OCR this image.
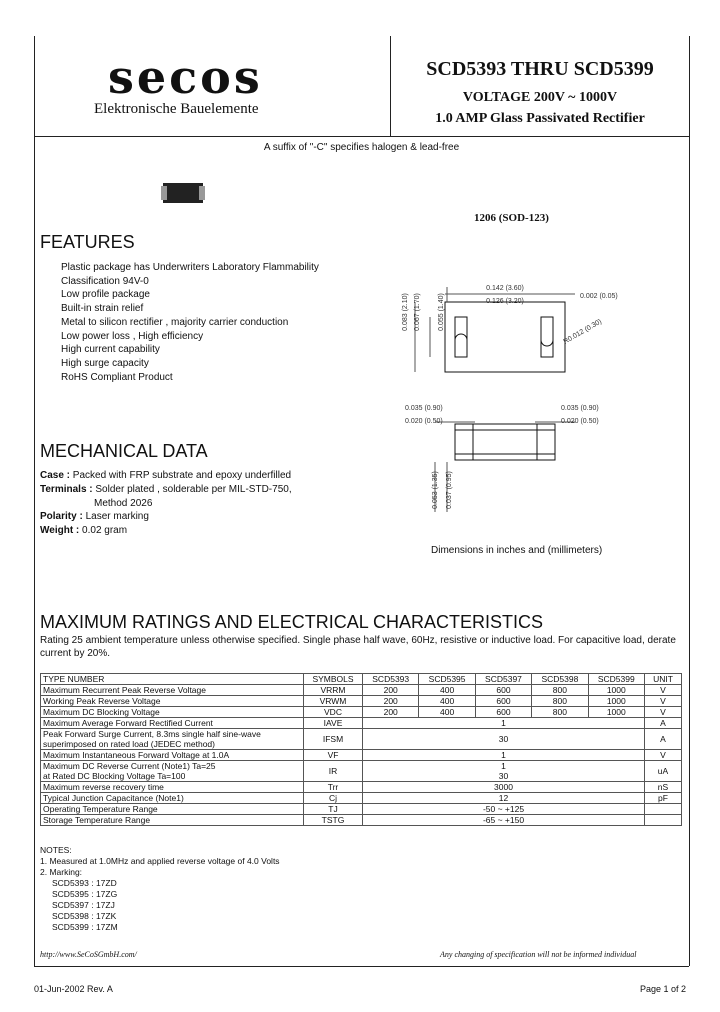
secos
Elektronische Bauelemente
SCD5393 THRU SCD5399
VOLTAGE 200V ~ 1000V
1.0 AMP Glass Passivated Rectifier
A suffix of "-C" specifies halogen & lead-free
1206 (SOD-123)
FEATURES
Plastic package has Underwriters Laboratory Flammability
Classification 94V-0
Low profile package
Built-in strain relief
Metal to silicon rectifier , majority carrier conduction
Low power loss , High efficiency
High current capability
High surge capacity
RoHS Compliant Product
0.083 (2.10) 0.067 (1.70) 0.055 (1.40)
0.142 (3.60)
0.126 (3.20)
0.002 (0.05)
R0.012 (0.30)
0.035 (0.90)
0.020 (0.50)
0.035 (0.90)
0.020 (0.50)
0.053 (1.35) 0.037 (0.95)
Dimensions in inches and (millimeters)
MECHANICAL DATA
Case : Packed with FRP substrate and epoxy underfilled
Terminals : Solder plated , solderable per MIL-STD-750,
Method 2026
Polarity : Laser marking
Weight : 0.02 gram
MAXIMUM RATINGS AND ELECTRICAL CHARACTERISTICS
Rating 25 ambient temperature unless otherwise specified. Single phase half wave, 60Hz, resistive or inductive load. For capacitive load, derate current by 20%.
TYPE NUMBER	SYMBOLS	SCD5393	SCD5395	SCD5397	SCD5398	SCD5399	UNIT
Maximum Recurrent Peak Reverse Voltage	VRRM	200	400	600	800	1000	V
Working Peak Reverse Voltage	VRWM	200	400	600	800	1000	V
Maximum DC Blocking Voltage	VDC	200	400	600	800	1000	V
Maximum Average Forward Rectified Current	IAVE	1					A
Peak Forward Surge Current, 8.3ms single half sine-wave
superimposed on rated load (JEDEC method)	IFSM	30					A
Maximum Instantaneous Forward Voltage at 1.0A	VF	1					V
Maximum DC Reverse Current (Note1) Ta=25
at Rated DC Blocking Voltage Ta=100	IR	1
30					uA
Maximum reverse recovery time	Trr	3000					nS
Typical Junction Capacitance (Note1)	Cj	12					pF
Operating Temperature Range	TJ	-50 ~ +125					
Storage Temperature Range	TSTG	-65 ~ +150					
NOTES:
1. Measured at 1.0MHz and applied reverse voltage of 4.0 Volts
2. Marking:
SCD5393 : 17ZD
SCD5395 : 17ZG
SCD5397 : 17ZJ
SCD5398 : 17ZK
SCD5399 : 17ZM
http://www.SeCoSGmbH.com/	Any changing of specification will not be informed individual
01-Jun-2002 Rev. A	Page 1 of 2
